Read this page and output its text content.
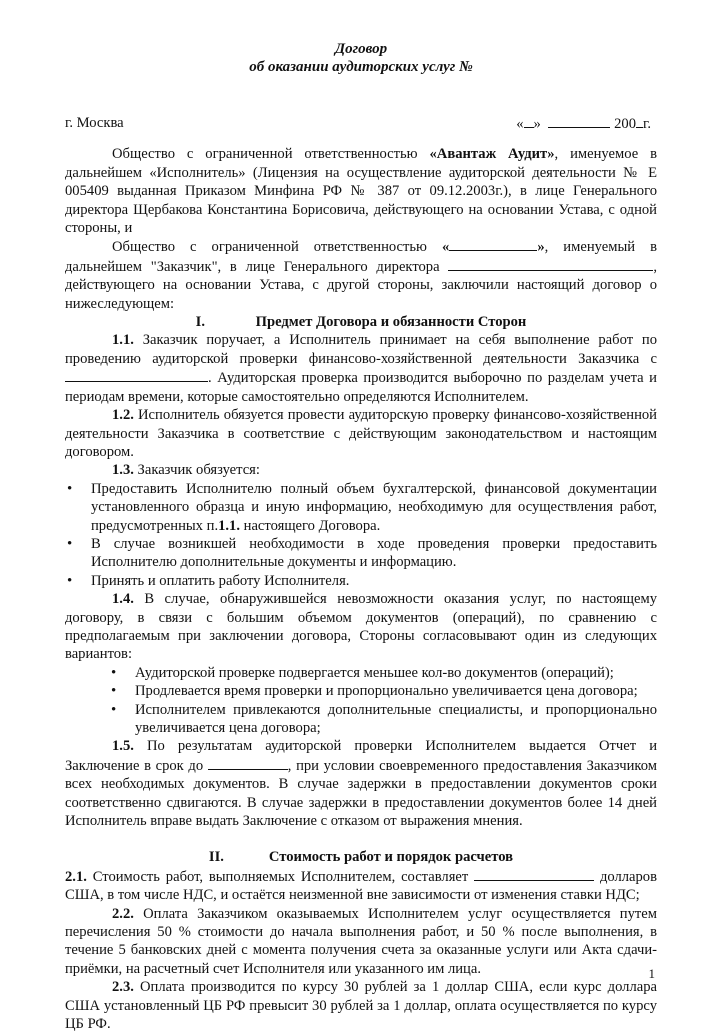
Договор
об оказании аудиторских услуг №
г. Москва	« »	200 г.

Общество с ограниченной ответственностью «Авантаж Аудит», именуемое в дальнейшем «Исполнитель» (Лицензия на осуществление аудиторской деятельности № Е 005409 выданная Приказом Минфина РФ № 387 от 09.12.2003г.), в лице Генерального директора Щербакова Константина Борисовича, действующего на основании Устава, с одной стороны, и

Общество с ограниченной ответственностью «	», именуемый в дальнейшем "Заказчик", в лице Генерального директора	, действующего на основании Устава, с другой стороны, заключили настоящий договор о нижеследующем:

I.	Предмет Договора и обязанности Сторон

1.1. Заказчик поручает, а Исполнитель принимает на себя выполнение работ по проведению аудиторской проверки финансово-хозяйственной деятельности Заказчика с . Аудиторская проверка производится выборочно по разделам учета и периодам времени, которые самостоятельно определяются Исполнителем.

1.2. Исполнитель обязуется провести аудиторскую проверку финансово-хозяйственной деятельности Заказчика в соответствие с действующим законодательством и настоящим договором.

1.3. Заказчик обязуется:

• Предоставить Исполнителю полный объем бухгалтерской, финансовой документации установленного образца и иную информацию, необходимую для осуществления работ, предусмотренных п.1.1. настоящего Договора.
• В случае возникшей необходимости в ходе проведения проверки предоставить Исполнителю дополнительные документы и информацию.
• Принять и оплатить работу Исполнителя.

1.4. В случае, обнаружившейся невозможности оказания услуг, по настоящему договору, в связи с большим объемом документов (операций), по сравнению с предполагаемым при заключении договора, Стороны согласовывают один из следующих вариантов:

• Аудиторской проверке подвергается меньшее кол-во документов (операций);
• Продлевается время проверки и пропорционально увеличивается цена договора;
• Исполнителем привлекаются дополнительные специалисты, и пропорционально увеличивается цена договора;

1.5. По результатам аудиторской проверки Исполнителем выдается Отчет и Заключение в срок до	, при условии своевременного предоставления Заказчиком всех необходимых документов. В случае задержки в предоставлении документов сроки соответственно сдвигаются. В случае задержки в предоставлении документов более 14 дней Исполнитель вправе выдать Заключение с отказом от выражения мнения.

II.	Стоимость работ и порядок расчетов

2.1. Стоимость работ, выполняемых Исполнителем, составляет	долларов США, в том числе НДС, и остаётся неизменной вне зависимости от изменения ставки НДС;

2.2. Оплата Заказчиком оказываемых Исполнителем услуг осуществляется путем перечисления 50 % стоимости до начала выполнения работ, и 50 % после выполнения, в течение 5 банковских дней с момента получения счета за оказанные услуги или Акта сдачи-приёмки, на расчетный счет Исполнителя или указанного им лица.

2.3. Оплата производится по курсу 30 рублей за 1 доллар США, если курс доллара США установленный ЦБ РФ превысит 30 рублей за 1 доллар, оплата осуществляется по курсу ЦБ РФ.

1
